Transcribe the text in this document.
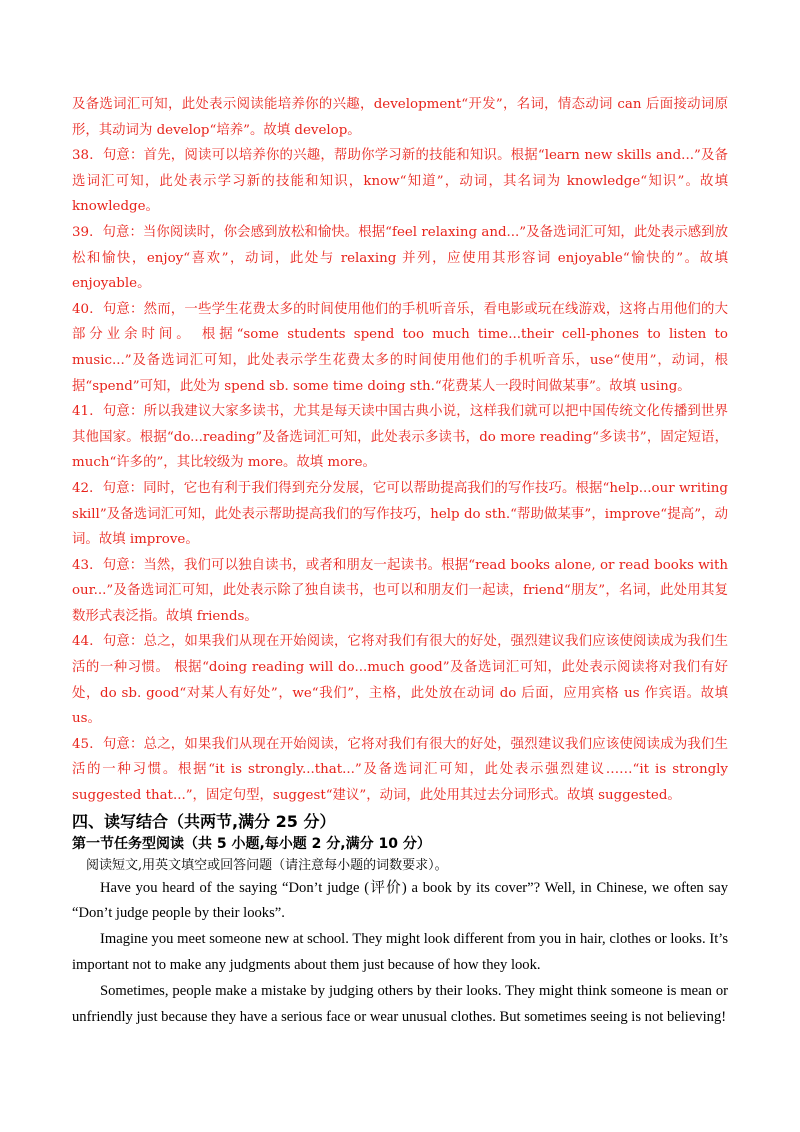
及备选词汇可知，此处表示阅读能培养你的兴趣，development“开发”，名词，情态动词 can 后面接动词原形，其动词为 develop“培养”。故填 develop。

38．句意：首先，阅读可以培养你的兴趣，帮助你学习新的技能和知识。根据“learn new skills and...”及备选词汇可知，此处表示学习新的技能和知识，know“知道”，动词，其名词为 knowledge“知识”。故填 knowledge。

39．句意：当你阅读时，你会感到放松和愉快。根据“feel relaxing and...”及备选词汇可知，此处表示感到放松和愉快，enjoy“喜欢”，动词，此处与 relaxing 并列，应使用其形容词 enjoyable“愉快的”。故填 enjoyable。

40．句意：然而，一些学生花费太多的时间使用他们的手机听音乐，看电影或玩在线游戏，这将占用他们的大部分业余时间。 根据“some students spend too much time...their cell-phones to listen to music...”及备选词汇可知，此处表示学生花费太多的时间使用他们的手机听音乐，use“使用”，动词，根据“spend”可知，此处为 spend sb. some time doing sth.“花费某人一段时间做某事”。故填 using。

41．句意：所以我建议大家多读书，尤其是每天读中国古典小说，这样我们就可以把中国传统文化传播到世界其他国家。根据“do...reading”及备选词汇可知，此处表示多读书，do more reading“多读书”，固定短语，much“许多的”，其比较级为 more。故填 more。

42．句意：同时，它也有利于我们得到充分发展，它可以帮助提高我们的写作技巧。根据“help...our writing skill”及备选词汇可知，此处表示帮助提高我们的写作技巧，help do sth.“帮助做某事”，improve“提高”，动词。故填 improve。

43．句意：当然，我们可以独自读书，或者和朋友一起读书。根据“read books alone, or read books with our...”及备选词汇可知，此处表示除了独自读书，也可以和朋友们一起读，friend“朋友”，名词，此处用其复数形式表泛指。故填 friends。

44．句意：总之，如果我们从现在开始阅读，它将对我们有很大的好处，强烈建议我们应该使阅读成为我们生活的一种习惯。 根据“doing reading will do...much good”及备选词汇可知，此处表示阅读将对我们有好处，do sb. good“对某人有好处”，we“我们”，主格，此处放在动词 do 后面，应用宾格 us 作宾语。故填 us。

45．句意：总之，如果我们从现在开始阅读，它将对我们有很大的好处，强烈建议我们应该使阅读成为我们生活的一种习惯。根据“it is strongly...that...”及备选词汇可知，此处表示强烈建议……“it is strongly suggested that...”，固定句型，suggest“建议”，动词，此处用其过去分词形式。故填 suggested。

四、读写结合（共两节,满分 25 分）

第一节任务型阅读（共 5 小题,每小题 2 分,满分 10 分）

阅读短文,用英文填空或回答问题（请注意每小题的词数要求）。

Have you heard of the saying “Don’t judge (评价) a book by its cover”? Well, in Chinese, we often say “Don’t judge people by their looks”.

Imagine you meet someone new at school. They might look different from you in hair, clothes or looks. It’s important not to make any judgments about them just because of how they look.

Sometimes, people make a mistake by judging others by their looks. They might think someone is mean or unfriendly just because they have a serious face or wear unusual clothes. But sometimes seeing is not believing!
